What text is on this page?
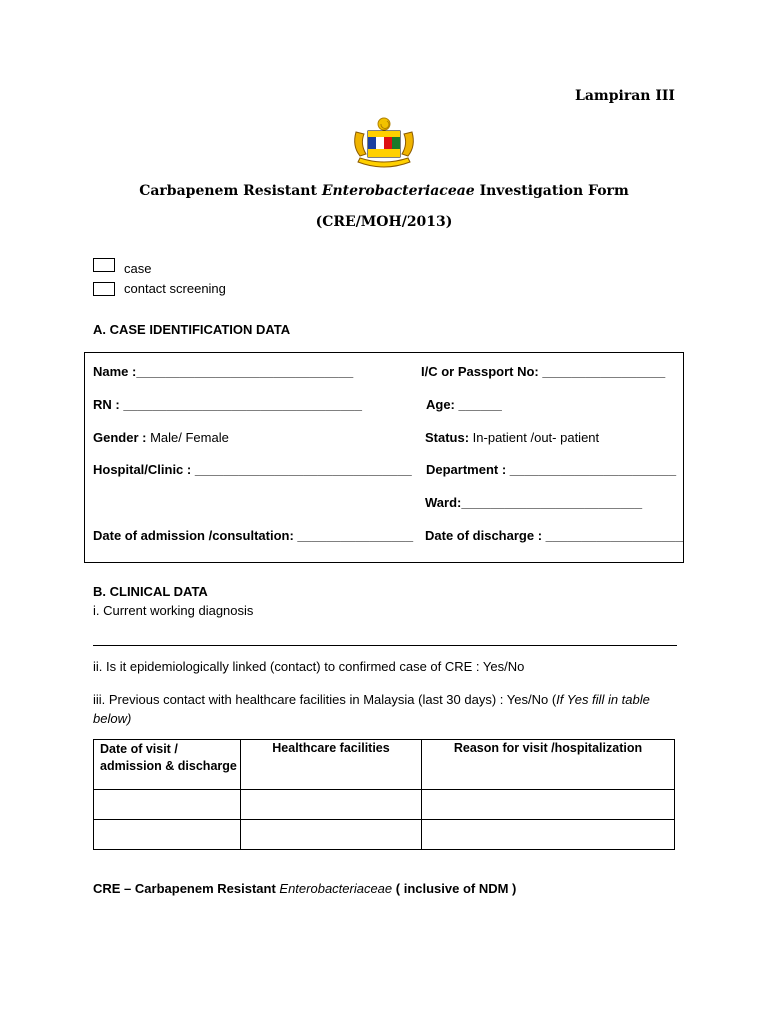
Lampiran III
Carbapenem Resistant Enterobacteriaceae Investigation Form
(CRE/MOH/2013)
case
contact screening
A. CASE IDENTIFICATION DATA
Name :______________________________	I/C or Passport No: _________________
RN : _________________________________	Age: ______
Gender : Male/ Female	Status: In-patient /out- patient
Hospital/Clinic : ______________________________ Department : _______________________
Ward:_________________________
Date of admission /consultation: ________________ Date of discharge : ___________________
B. CLINICAL DATA
i. Current working diagnosis
ii. Is it epidemiologically linked (contact) to confirmed case of CRE : Yes/No
iii. Previous contact with healthcare facilities in Malaysia (last 30 days) : Yes/No (If Yes fill in table
below)
Date of visit / admission & discharge	Healthcare facilities	Reason for visit /hospitalization

CRE – Carbapenem Resistant Enterobacteriaceae ( inclusive of NDM )
